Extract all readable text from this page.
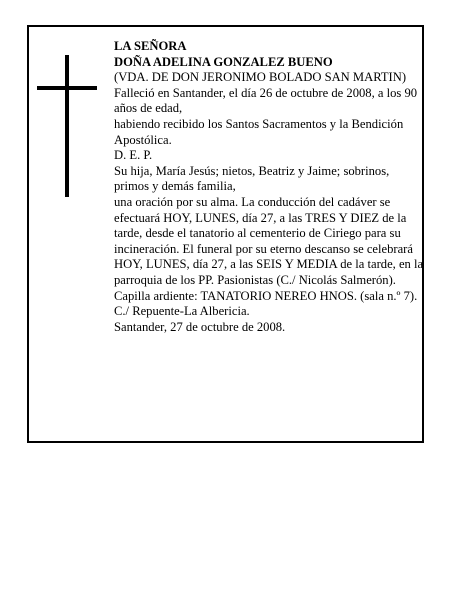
LA SEÑORA

DOÑA ADELINA GONZALEZ BUENO

(VDA. DE DON JERONIMO BOLADO SAN MARTIN)

Falleció en Santander, el día 26 de octubre de 2008, a los 90 años de edad,

habiendo recibido los Santos Sacramentos y la Bendición Apostólica.

D. E. P.

Su hija, María Jesús; nietos, Beatriz y Jaime; sobrinos, primos y demás familia,

una oración por su alma. La conducción del cadáver se efectuará HOY, LUNES, día 27, a las TRES Y DIEZ de la tarde, desde el tanatorio al cementerio de Ciriego para su incineración. El funeral por su eterno descanso se celebrará HOY, LUNES, día 27, a las SEIS Y MEDIA de la tarde, en la parroquia de los PP. Pasionistas (C./ Nicolás Salmerón). Capilla ardiente: TANATORIO NEREO HNOS. (sala n.º 7). C./ Repuente-La Albericia.

Santander, 27 de octubre de 2008.
